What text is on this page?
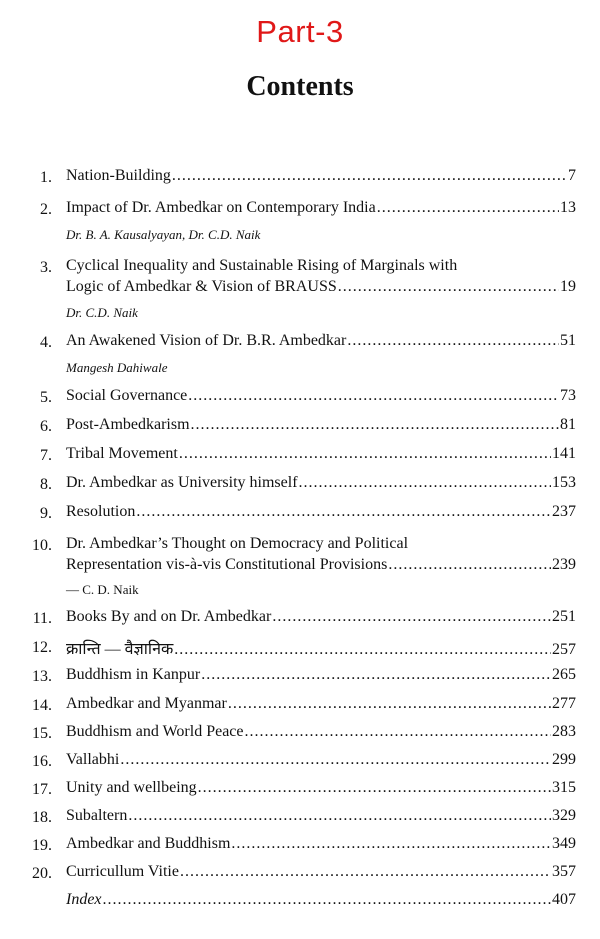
Part-3
Contents
1. Nation-Building .....	7
2. Impact of Dr. Ambedkar on Contemporary India .....	13
Dr. B. A. Kausalyayan, Dr. C.D. Naik
3. Cyclical Inequality and Sustainable Rising of Marginals with
Logic of Ambedkar & Vision of BRAUSS .....	19
Dr. C.D. Naik
4. An Awakened Vision of Dr. B.R. Ambedkar .....	51
Mangesh Dahiwale
5. Social Governance .....	73
6. Post-Ambedkarism .....	81
7. Tribal Movement .....	141
8. Dr. Ambedkar as University himself .....	153
9. Resolution .....	237
10. Dr. Ambedkar’s Thought on Democracy and Political
Representation vis-à-vis Constitutional Provisions .....	239
— C. D. Naik
11. Books By and on Dr. Ambedkar .....	251
12. क्रान्ति — वैज्ञानिक .....	257
13. Buddhism in Kanpur .....	265
14. Ambedkar and Myanmar .....	277
15. Buddhism and World Peace .....	283
16. Vallabhi .....	299
17. Unity and wellbeing .....	315
18. Subaltern .....	329
19. Ambedkar and Buddhism .....	349
20. Curricullum Vitie .....	357
Index .....	407
